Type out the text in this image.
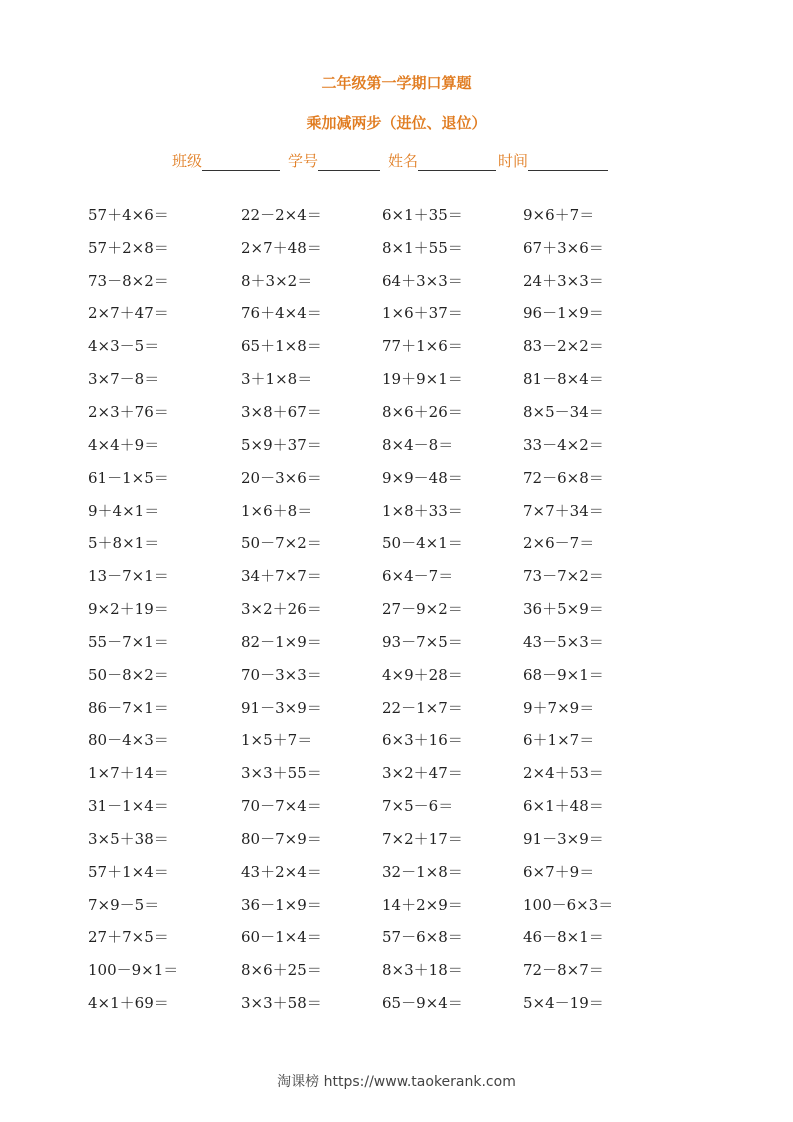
二年级第一学期口算题
乘加减两步（进位、退位）
班级	学号	姓名	时间
57＋4×6＝	22－2×4＝	6×1＋35＝	9×6＋7＝
57＋2×8＝	2×7＋48＝	8×1＋55＝	67＋3×6＝
73－8×2＝	8＋3×2＝	64＋3×3＝	24＋3×3＝
2×7＋47＝	76＋4×4＝	1×6＋37＝	96－1×9＝
4×3－5＝	65＋1×8＝	77＋1×6＝	83－2×2＝
3×7－8＝	3＋1×8＝	19＋9×1＝	81－8×4＝
2×3＋76＝	3×8＋67＝	8×6＋26＝	8×5－34＝
4×4＋9＝	5×9＋37＝	8×4－8＝	33－4×2＝
61－1×5＝	20－3×6＝	9×9－48＝	72－6×8＝
9＋4×1＝	1×6＋8＝	1×8＋33＝	7×7＋34＝
5＋8×1＝	50－7×2＝	50－4×1＝	2×6－7＝
13－7×1＝	34＋7×7＝	6×4－7＝	73－7×2＝
9×2＋19＝	3×2＋26＝	27－9×2＝	36＋5×9＝
55－7×1＝	82－1×9＝	93－7×5＝	43－5×3＝
50－8×2＝	70－3×3＝	4×9＋28＝	68－9×1＝
86－7×1＝	91－3×9＝	22－1×7＝	9＋7×9＝
80－4×3＝	1×5＋7＝	6×3＋16＝	6＋1×7＝
1×7＋14＝	3×3＋55＝	3×2＋47＝	2×4＋53＝
31－1×4＝	70－7×4＝	7×5－6＝	6×1＋48＝
3×5＋38＝	80－7×9＝	7×2＋17＝	91－3×9＝
57＋1×4＝	43＋2×4＝	32－1×8＝	6×7＋9＝
7×9－5＝	36－1×9＝	14＋2×9＝	100－6×3＝
27＋7×5＝	60－1×4＝	57－6×8＝	46－8×1＝
100－9×1＝	8×6＋25＝	8×3＋18＝	72－8×7＝
4×1＋69＝	3×3＋58＝	65－9×4＝	5×4－19＝
淘课榜 https://www.taokerank.com
